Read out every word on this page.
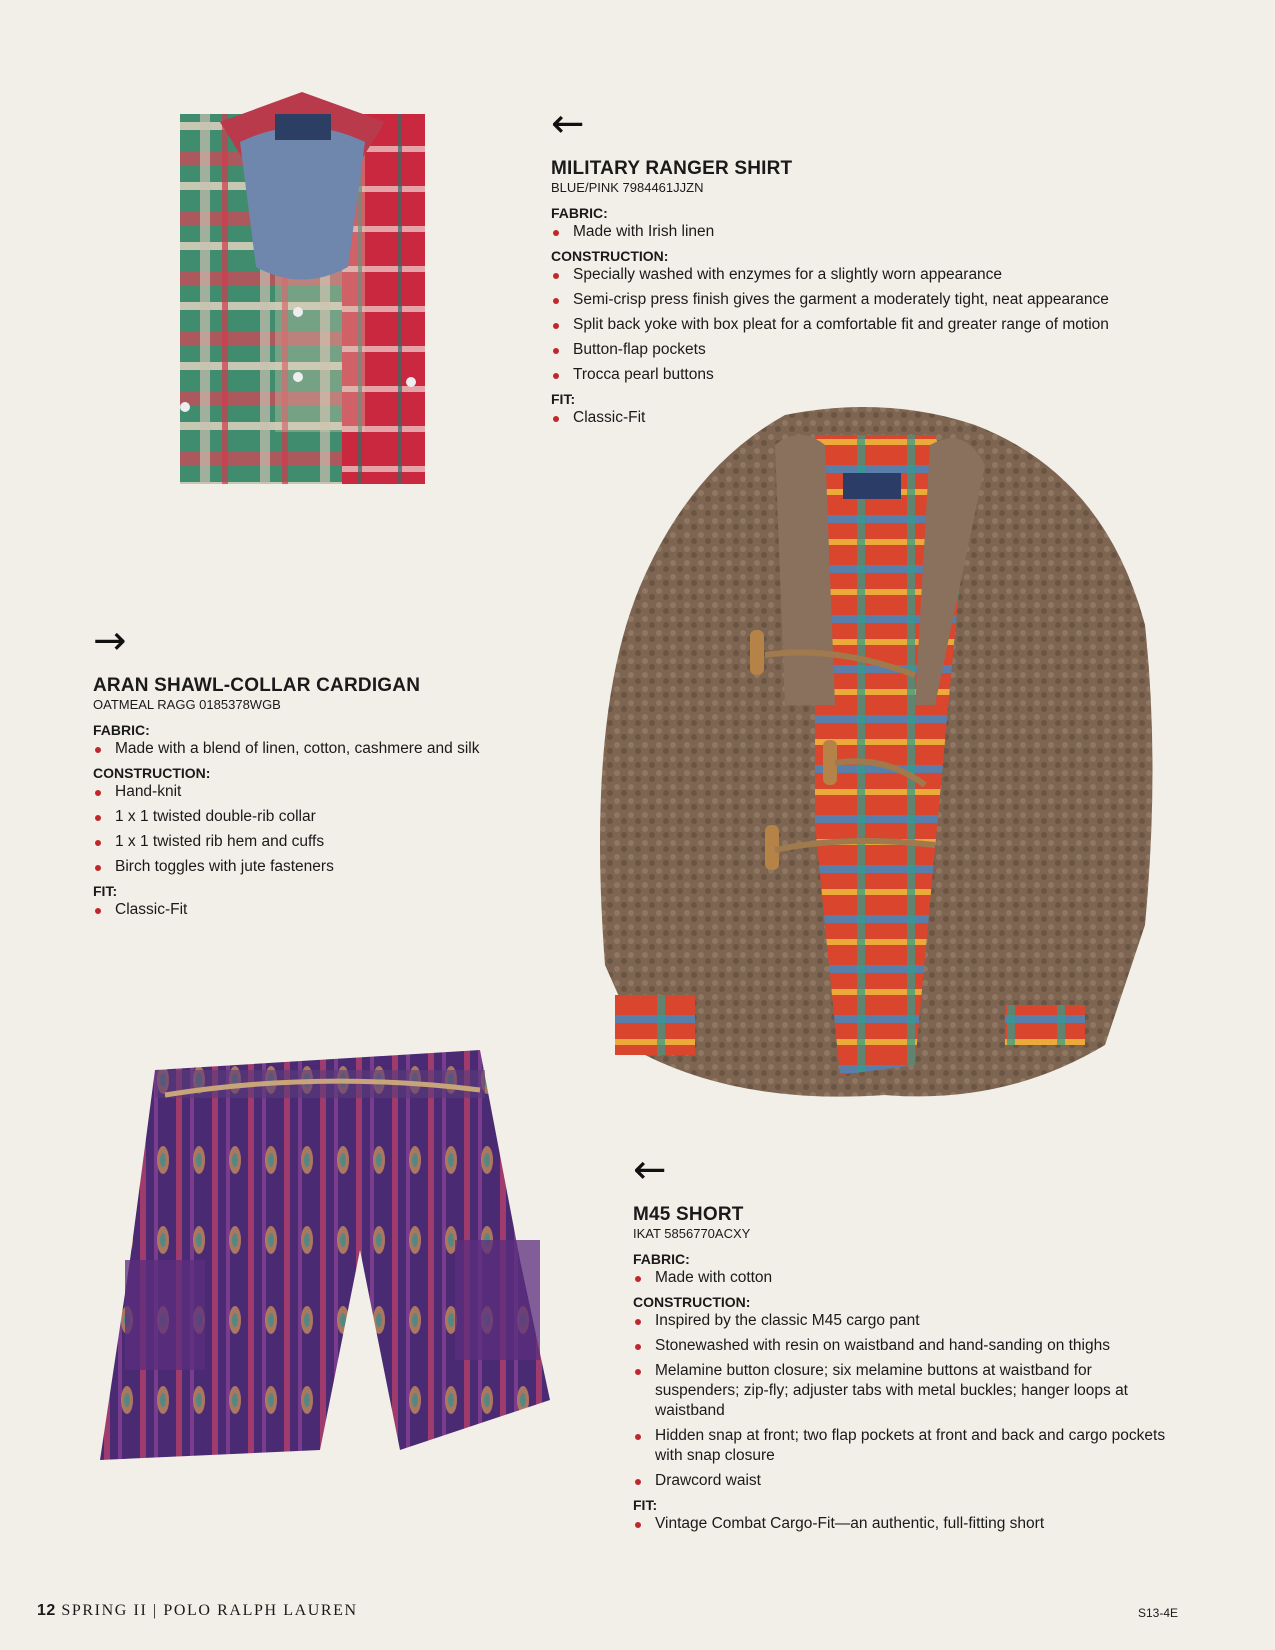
←
MILITARY RANGER SHIRT
BLUE/PINK 7984461JJZN
FABRIC:
Made with Irish linen
CONSTRUCTION:
Specially washed with enzymes for a slightly worn appearance
Semi-crisp press finish gives the garment a moderately tight, neat appearance
Split back yoke with box pleat for a comfortable fit and greater range of motion
Button-flap pockets
Trocca pearl buttons
FIT:
Classic-Fit
→
ARAN SHAWL-COLLAR CARDIGAN
OATMEAL RAGG 0185378WGB
FABRIC:
Made with a blend of linen, cotton, cashmere and silk
CONSTRUCTION:
Hand-knit
1 x 1 twisted double-rib collar
1 x 1 twisted rib hem and cuffs
Birch toggles with jute fasteners
FIT:
Classic-Fit
←
M45 SHORT
IKAT 5856770ACXY
FABRIC:
Made with cotton
CONSTRUCTION:
Inspired by the classic M45 cargo pant
Stonewashed with resin on waistband and hand-sanding on thighs
Melamine button closure; six melamine buttons at waistband for suspenders; zip-fly; adjuster tabs with metal buckles; hanger loops at waistband
Hidden snap at front; two flap pockets at front and back and cargo pockets with snap closure
Drawcord waist
FIT:
Vintage Combat Cargo-Fit—an authentic, full-fitting short
12 SPRING II | POLO RALPH LAUREN	S13-4E
